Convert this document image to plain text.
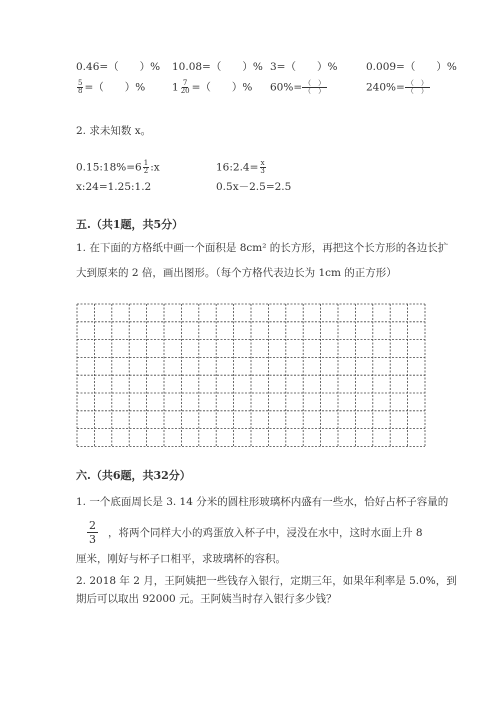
0.46=（　　）% 10.08=（　　）% 3=（　　）%	0.009=（　　）%
$\frac{5}{8}$ =（　　）%	$1 \frac{7}{20}$ =（　　）% 60%= （　）
（　）	240%= （　）
（　）
2. 求未知数 x。
0.15:18%=6 $\frac{1}{2}$ :x	16:2.4= $\frac{x}{3}$
x:24=1.25:1.2	0.5x－2.5=2.5
五.（共1题，共5分）
1. 在下面的方格纸中画一个面积是 8cm² 的长方形，再把这个长方形的各边长扩
大到原来的 2 倍，画出图形。（每个方格代表边长为 1cm 的正方形）
六.（共6题，共32分）
1. 一个底面周长是 3. 14 分米的圆柱形玻璃杯内盛有一些水，恰好占杯子容量的
$\frac{2}{3}$ ，将两个同样大小的鸡蛋放入杯子中，浸没在水中，这时水面上升 8
厘米，刚好与杯子口相平，求玻璃杯的容积。
2. 2018 年 2 月，王阿姨把一些钱存入银行，定期三年，如果年利率是 5.0%，到
期后可以取出 92000 元。王阿姨当时存入银行多少钱？
